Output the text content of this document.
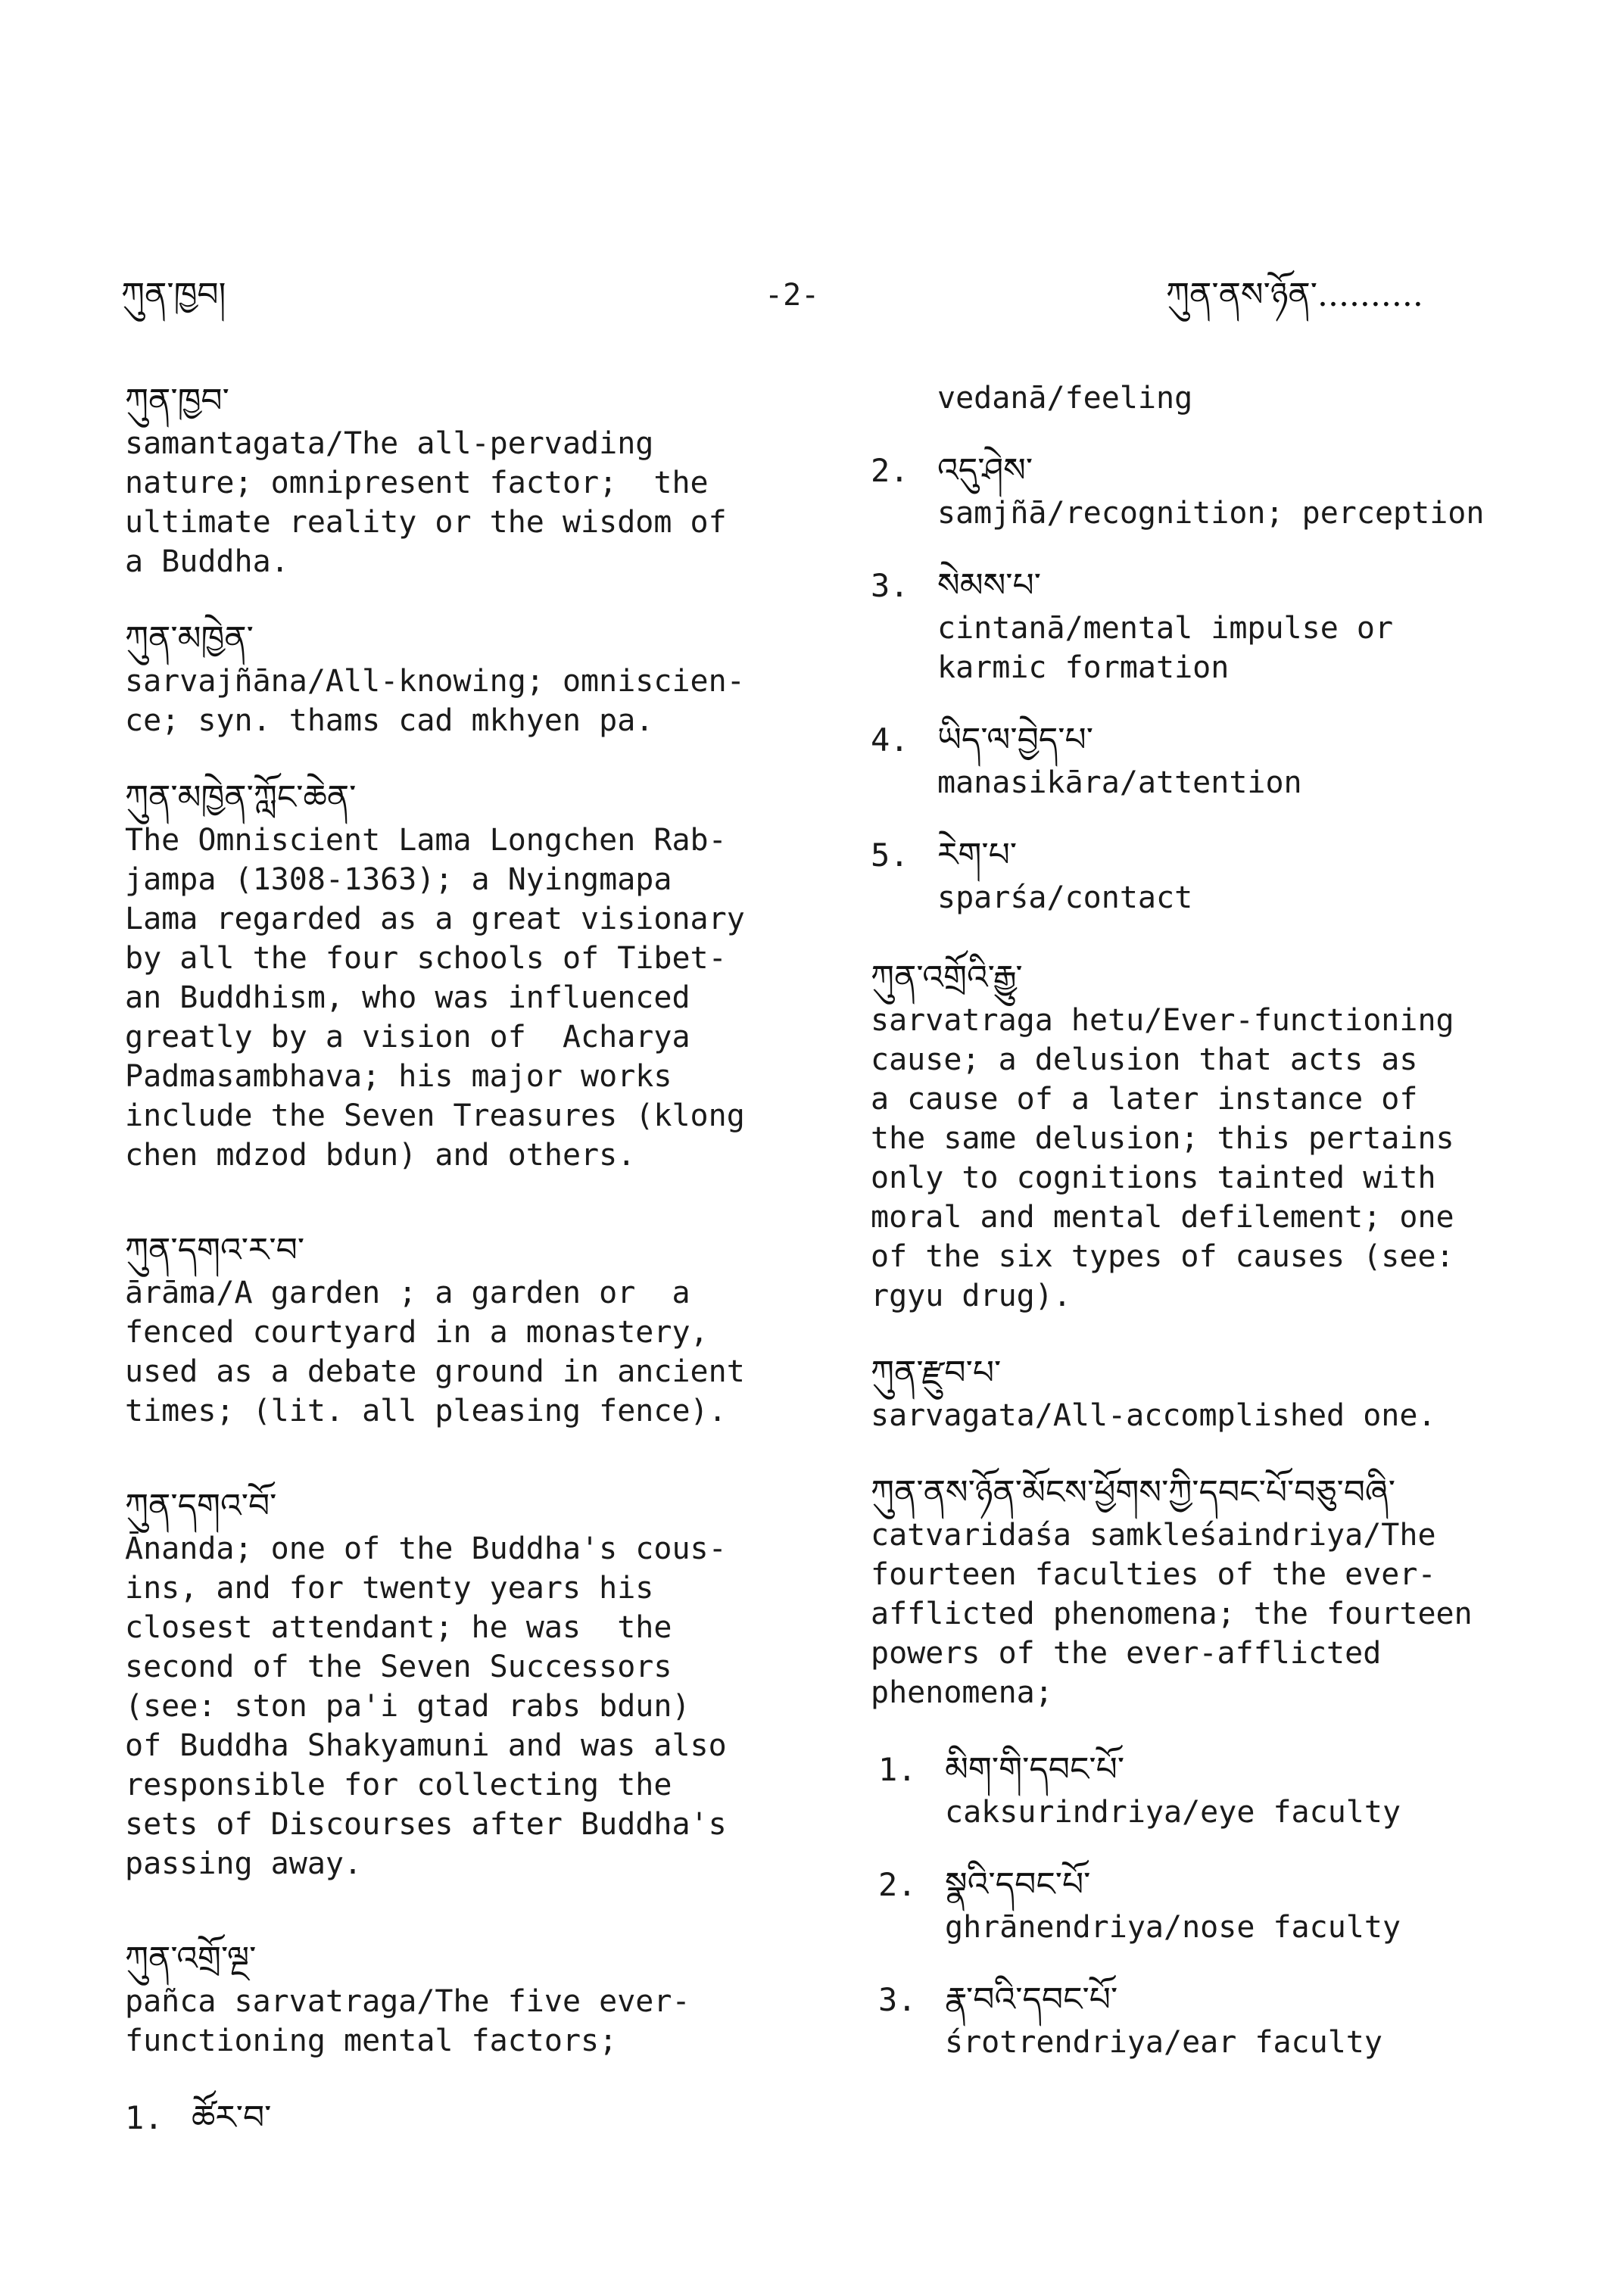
ཀུན་ཁྱབ།	-2-	ཀུན་ནས་ཉོན་..........
ཀུན་ཁྱབ་
samantagata/The all-pervading
nature; omnipresent factor;  the
ultimate reality or the wisdom of
a Buddha.
ཀུན་མཁྱེན་
sarvajñāna/All-knowing; omniscien-
ce; syn. thams cad mkhyen pa.
ཀུན་མཁྱེན་ཀློང་ཆེན་
The Omniscient Lama Longchen Rab-
jampa (1308-1363); a Nyingmapa
Lama regarded as a great visionary
by all the four schools of Tibet-
an Buddhism, who was influenced
greatly by a vision of  Acharya
Padmasambhava; his major works
include the Seven Treasures (klong
chen mdzod bdun) and others.
ཀུན་དགའ་ར་བ་
ārāma/A garden ; a garden or  a
fenced courtyard in a monastery,
used as a debate ground in ancient
times; (lit. all pleasing fence).
ཀུན་དགའ་བོ་
Ānanda; one of the Buddha's cous-
ins, and for twenty years his
closest attendant; he was  the
second of the Seven Successors
(see: ston pa'i gtad rabs bdun)
of Buddha Shakyamuni and was also
responsible for collecting the
sets of Discourses after Buddha's
passing away.
ཀུན་འགྲོ་ལྔ་
pañca sarvatraga/The five ever-
functioning mental factors;
1. ཚོར་བ་
vedanā/feeling
2. འདུ་ཤེས་
samjñā/recognition; perception
3. སེམས་པ་
cintanā/mental impulse or
karmic formation
4. ཡིད་ལ་བྱེད་པ་
manasikāra/attention
5. རེག་པ་
sparśa/contact
ཀུན་འགྲོའི་རྒྱུ་
sarvatraga hetu/Ever-functioning
cause; a delusion that acts as
a cause of a later instance of
the same delusion; this pertains
only to cognitions tainted with
moral and mental defilement; one
of the six types of causes (see:
rgyu drug).
ཀུན་རྫུབ་པ་
sarvagata/All-accomplished one.
ཀུན་ནས་ཉོན་མོངས་ཕྱོགས་ཀྱི་དབང་པོ་བཅུ་བཞི་
catvaridaśa samkleśaindriya/The
fourteen faculties of the ever-
afflicted phenomena; the fourteen
powers of the ever-afflicted
phenomena;
1. མིག་གི་དབང་པོ་
caksurindriya/eye faculty
2. སྣའི་དབང་པོ་
ghrānendriya/nose faculty
3. རྣ་བའི་དབང་པོ་
śrotrendriya/ear faculty
